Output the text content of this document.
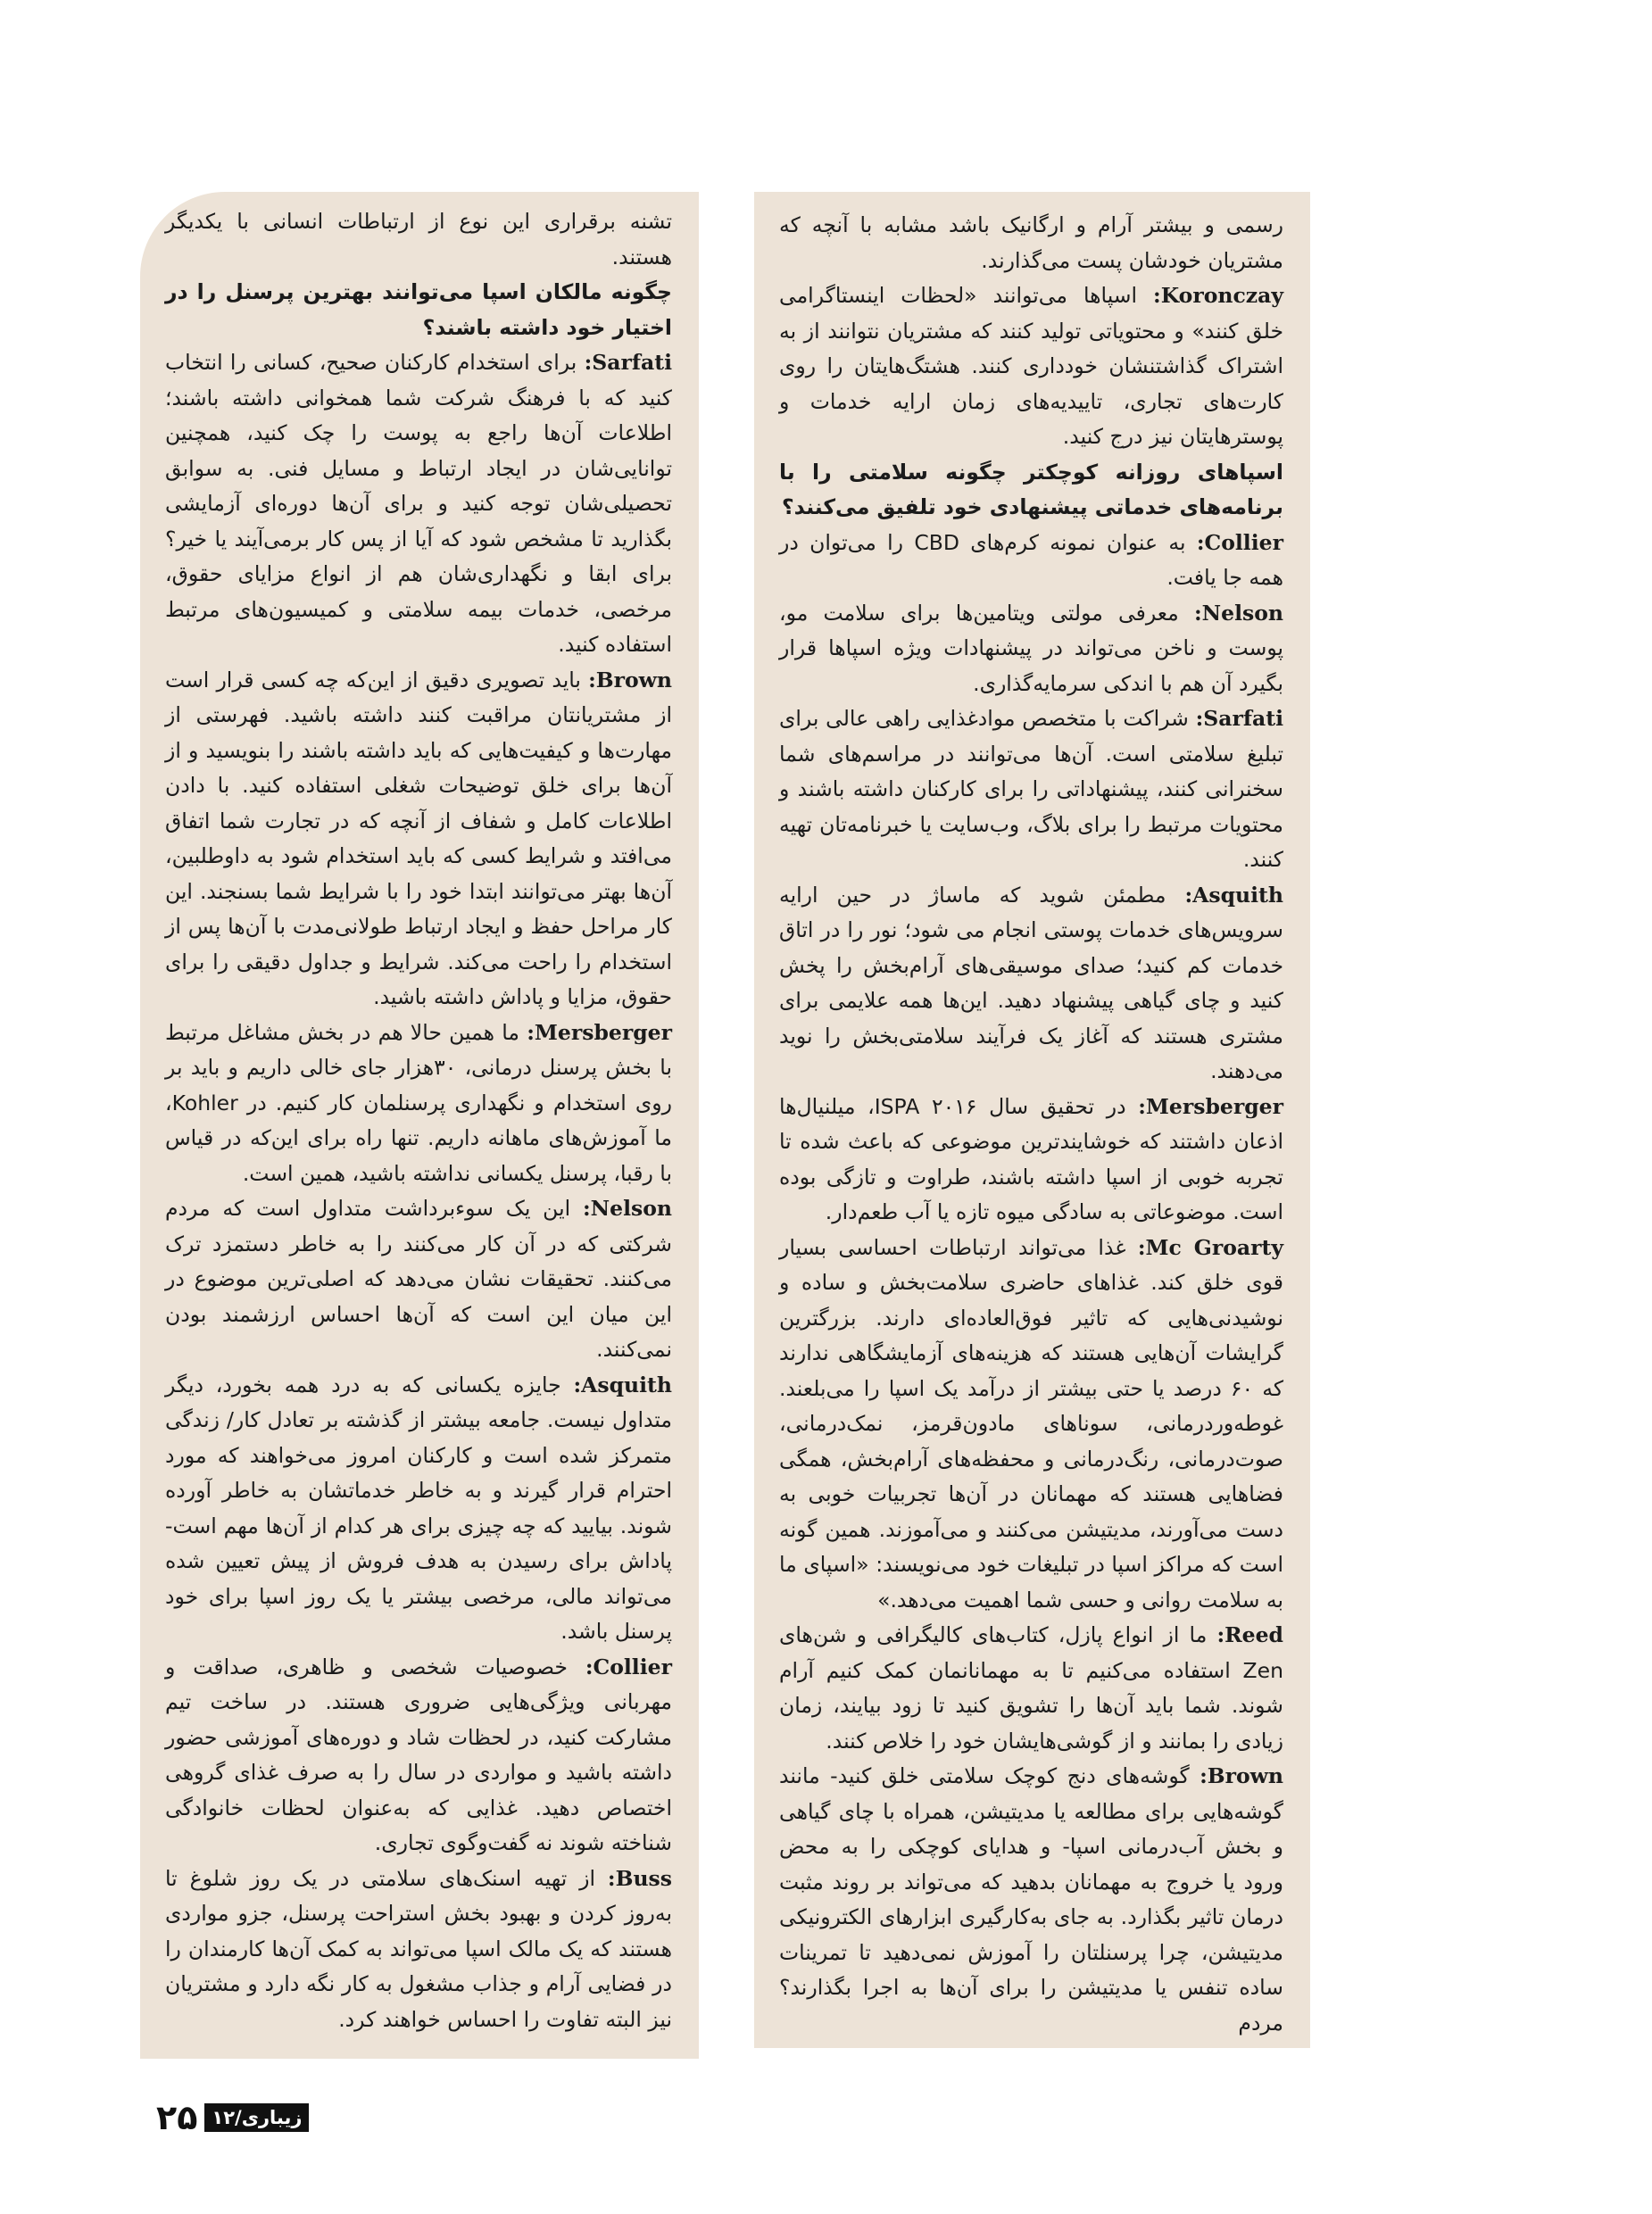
رسمی و بیشتر آرام و ارگانیک باشد مشابه با آنچه که مشتریان خودشان پست می‌گذارند.

Koronczay: اسپاها می‌توانند «لحظات اینستاگرامی خلق کنند» و محتویاتی تولید کنند که مشتریان نتوانند از به اشتراک گذاشتنشان خودداری کنند. هشتگ‌هایتان را روی کارت‌های تجاری، تاییدیه‌های زمان ارایه خدمات و پوسترهایتان نیز درج کنید.

اسپاهای روزانه کوچکتر چگونه سلامتی را با برنامه‌های خدماتی پیشنهادی خود تلفیق می‌کنند؟

Collier: به عنوان نمونه کرم‌های CBD را می‌توان در همه جا یافت.

Nelson: معرفی مولتی ویتامین‌ها برای سلامت مو، پوست و ناخن می‌تواند در پیشنهادات ویژه اسپاها قرار بگیرد آن هم با اندکی سرمایه‌گذاری.

Sarfati: شراکت با متخصص موادغذایی راهی عالی برای تبلیغ سلامتی است. آن‌ها می‌توانند در مراسم‌های شما سخنرانی کنند، پیشنهاداتی را برای کارکنان داشته باشند و محتویات مرتبط را برای بلاگ، وب‌سایت یا خبرنامه‌تان تهیه کنند.

Asquith: مطمئن شوید که ماساژ در حین ارایه سرویس‌های خدمات پوستی انجام می شود؛ نور را در اتاق خدمات کم کنید؛ صدای موسیقی‌های آرام‌بخش را پخش کنید و چای گیاهی پیشنهاد دهید. این‌ها همه علایمی برای مشتری هستند که آغاز یک فرآیند سلامتی‌بخش را نوید می‌دهند.

Mersberger: در تحقیق سال ۲۰۱۶ ISPA، میلنیال‌ها اذعان داشتند که خوشایندترین موضوعی که باعث شده تا تجربه خوبی از اسپا داشته باشند، طراوت و تازگی بوده است. موضوعاتی به سادگی میوه تازه یا آب طعم‌دار.

Mc Groarty: غذا می‌تواند ارتباطات احساسی بسیار قوی خلق کند. غذاهای حاضری سلامت‌بخش و ساده و نوشیدنی‌هایی که تاثیر فوق‌العاده‌ای دارند. بزرگترین گرایشات آن‌هایی هستند که هزینه‌های آزمایشگاهی ندارند که ۶۰ درصد یا حتی بیشتر از درآمد یک اسپا را می‌بلعند. غوطه‌وردرمانی، سوناهای مادون‌قرمز، نمک‌درمانی، صوت‌درمانی، رنگ‌درمانی و محفظه‌های آرام‌بخش، همگی فضاهایی هستند که مهمانان در آن‌ها تجربیات خوبی به دست می‌آورند، مدیتیشن می‌کنند و می‌آموزند. همین گونه است که مراکز اسپا در تبلیغات خود می‌نویسند: «اسپای ما به سلامت روانی و حسی شما اهمیت می‌دهد.»

Reed: ما از انواع پازل، کتاب‌های کالیگرافی و شن‌های Zen استفاده می‌کنیم تا به مهمانانمان کمک کنیم آرام شوند. شما باید آن‌ها را تشویق کنید تا زود بیایند، زمان زیادی را بمانند و از گوشی‌هایشان خود را خلاص کنند.

Brown: گوشه‌های دنج کوچک سلامتی خلق کنید- مانند گوشه‌هایی برای مطالعه یا مدیتیشن، همراه با چای گیاهی و بخش آب‌درمانی اسپا- و هدایای کوچکی را به محض ورود یا خروج به مهمانان بدهید که می‌تواند بر روند مثبت درمان تاثیر بگذارد. به جای به‌کارگیری ابزارهای الکترونیکی مدیتیشن، چرا پرسنلتان را آموزش نمی‌دهید تا تمرینات ساده تنفس یا مدیتیشن را برای آن‌ها به اجرا بگذارند؟ مردم

تشنه برقراری این نوع از ارتباطات انسانی با یکدیگر هستند.

چگونه مالکان اسپا می‌توانند بهترین پرسنل را در اختیار خود داشته باشند؟

Sarfati: برای استخدام کارکنان صحیح، کسانی را انتخاب کنید که با فرهنگ شرکت شما همخوانی داشته باشند؛ اطلاعات آن‌ها راجع به پوست را چک کنید، همچنین توانایی‌شان در ایجاد ارتباط و مسایل فنی. به سوابق تحصیلی‌شان توجه کنید و برای آن‌ها دوره‌ای آزمایشی بگذارید تا مشخص شود که آیا از پس کار برمی‌آیند یا خیر؟ برای ابقا و نگهداری‌شان هم از انواع مزایای حقوق، مرخصی، خدمات بیمه سلامتی و کمیسیون‌های مرتبط استفاده کنید.

Brown: باید تصویری دقیق از این‌که چه کسی قرار است از مشتریانتان مراقبت کنند داشته باشید. فهرستی از مهارت‌ها و کیفیت‌هایی که باید داشته باشند را بنویسید و از آن‌ها برای خلق توضیحات شغلی استفاده کنید. با دادن اطلاعات کامل و شفاف از آنچه که در تجارت شما اتفاق می‌افتد و شرایط کسی که باید استخدام شود به داوطلبین، آن‌ها بهتر می‌توانند ابتدا خود را با شرایط شما بسنجند. این کار مراحل حفظ و ایجاد ارتباط طولانی‌مدت با آن‌ها پس از استخدام را راحت می‌کند. شرایط و جداول دقیقی را برای حقوق، مزایا و پاداش داشته باشید.

Mersberger: ما همین حالا هم در بخش مشاغل مرتبط با بخش پرسنل درمانی، ۳۰هزار جای خالی داریم و باید بر روی استخدام و نگهداری پرسنلمان کار کنیم. در Kohler، ما آموزش‌های ماهانه داریم. تنها راه برای این‌که در قیاس با رقبا، پرسنل یکسانی نداشته باشید، همین است.

Nelson: این یک سوءبرداشت متداول است که مردم شرکتی که در آن کار می‌کنند را به خاطر دستمزد ترک می‌کنند. تحقیقات نشان می‌دهد که اصلی‌ترین موضوع در این میان این است که آن‌ها احساس ارزشمند بودن نمی‌کنند.

Asquith: جایزه یکسانی که به درد همه بخورد، دیگر متداول نیست. جامعه بیشتر از گذشته بر تعادل کار/ زندگی متمرکز شده است و کارکنان امروز می‌خواهند که مورد احترام قرار گیرند و به خاطر خدماتشان به خاطر آورده شوند. بیایید که چه چیزی برای هر کدام از آن‌ها مهم است- پاداش برای رسیدن به هدف فروش از پیش تعیین شده می‌تواند مالی، مرخصی بیشتر یا یک روز اسپا برای خود پرسنل باشد.

Collier: خصوصیات شخصی و ظاهری، صداقت و مهربانی ویژگی‌هایی ضروری هستند. در ساخت تیم مشارکت کنید، در لحظات شاد و دوره‌های آموزشی حضور داشته باشید و مواردی در سال را به صرف غذای گروهی اختصاص دهید. غذایی که به‌عنوان لحظات خانوادگی شناخته شوند نه گفت‌وگوی تجاری.

Buss: از تهیه اسنک‌های سلامتی در یک روز شلوغ تا به‌روز کردن و بهبود بخش استراحت پرسنل، جزو مواردی هستند که یک مالک اسپا می‌تواند به کمک آن‌ها کارمندان را در فضایی آرام و جذاب مشغول به کار نگه دارد و مشتریان نیز البته تفاوت را احساس خواهند کرد.

۲۵ زیباری/۱۲
